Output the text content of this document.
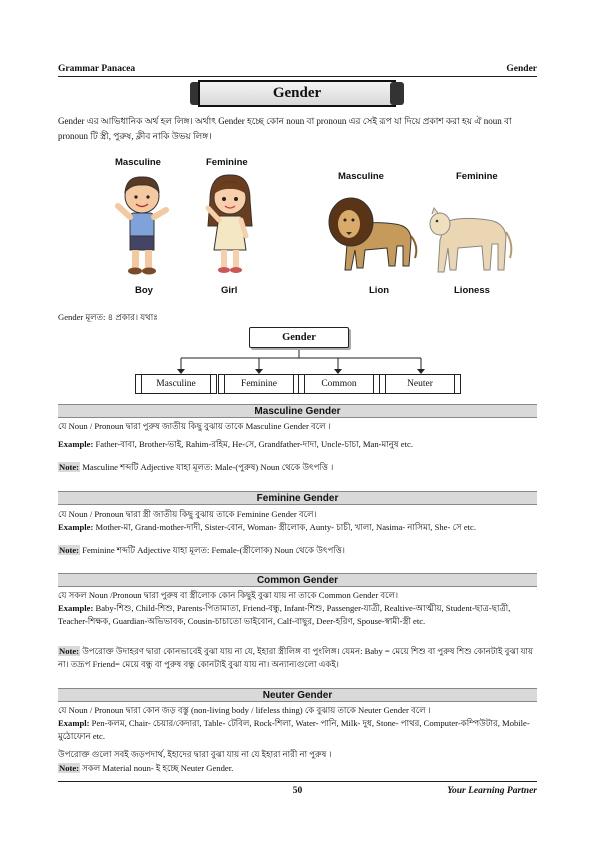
Grammar Panacea	Gender
Gender
Gender এর আভিধানিক অর্থ হল লিঙ্গ। অর্থাৎ Gender হচ্ছে কোন noun বা pronoun এর সেই রূপ যা দিয়ে প্রকাশ করা হয় ঐ noun বা pronoun টি স্ত্রী, পুরুষ, ক্লীব নাকি উভয় লিঙ্গ।
Masculine
Boy
Feminine
Girl
Masculine
Lion
Feminine
Lioness
Gender মূলত: ৪ প্রকার। যথাঃ
Gender
Masculine	Feminine	Common	Neuter
Masculine Gender
যে Noun / Pronoun দ্বারা পুরুষ জাতীয় কিছু বুঝায় তাকে Masculine Gender বলে ।
Example: Father-বাবা, Brother-ভাই, Rahim-রহিম, He-সে, Grandfather-দাদা, Uncle-চাচা, Man-মানুষ etc.
Note: Masculine শব্দটি Adjective যাহা মূলত: Male-(পুরুষ) Noun থেকে উৎপত্তি ।
Feminine Gender
যে Noun / Pronoun দ্বারা স্ত্রী জাতীয় কিছু বুঝায় তাকে Feminine Gender বলে।
Example: Mother-মা, Grand-mother-দাদী, Sister-বোন, Woman- স্ত্রীলোক, Aunty- চাচী, খালা, Nasima- নাসিমা, She- সে etc.
Note: Feminine শব্দটি Adjective যাহা মূলত: Female-(স্ত্রীলোক) Noun থেকে উৎপত্তি।
Common Gender
যে সকল Noun /Pronoun দ্বারা পুরুষ বা স্ত্রীলোক কোন কিছুই বুঝা যায় না তাকে Common Gender বলে।
Example: Baby-শিশু, Child-শিশু, Parents-পিতামাতা, Friend-বন্ধু, Infant-শিশু, Passenger-যাত্রী, Realtive-আত্মীয়, Student-ছাত্র-ছাত্রী, Teacher-শিক্ষক, Guardian-অভিভাবক, Cousin-চাচাতো ভাইবোন, Calf-বাছুর, Deer-হরিণ, Spouse-স্বামী-স্ত্রী etc.
Note: উপরোক্ত উদাহরণ দ্বারা কোনভাবেই বুঝা যায় না যে, ইহারা স্ত্রীলিঙ্গ বা পুংলিঙ্গ। যেমন: Baby = মেয়ে শিশু বা পুরুষ শিশু কোনটাই বুঝা যায় না। তদ্রূপ Friend= মেয়ে বন্ধু বা পুরুষ বন্ধু কোনটাই বুঝা যায় না। অন্যান্যগুলো একই।
Neuter Gender
যে Noun / Pronoun দ্বারা কোন জড় বস্তু (non-living body / lifeless thing) কে বুঝায় তাকে Neuter Gender বলে ।
Exampl: Pen-কলম, Chair- চেয়ার/কেদারা, Table- টেবিল, Rock-শিলা, Water- পানি, Milk- দুধ, Stone- পাথর, Computer-কম্পিউটার, Mobile- মুঠোফোন etc.
উপরোক্ত গুলো সবই জড়পদার্থ, ইহাদের দ্বারা বুঝা যায় না যে ইহারা নারী না পুরুষ ।
Note: সকল Material noun- ই হচ্ছে Neuter Gender.
50	Your Learning Partner
